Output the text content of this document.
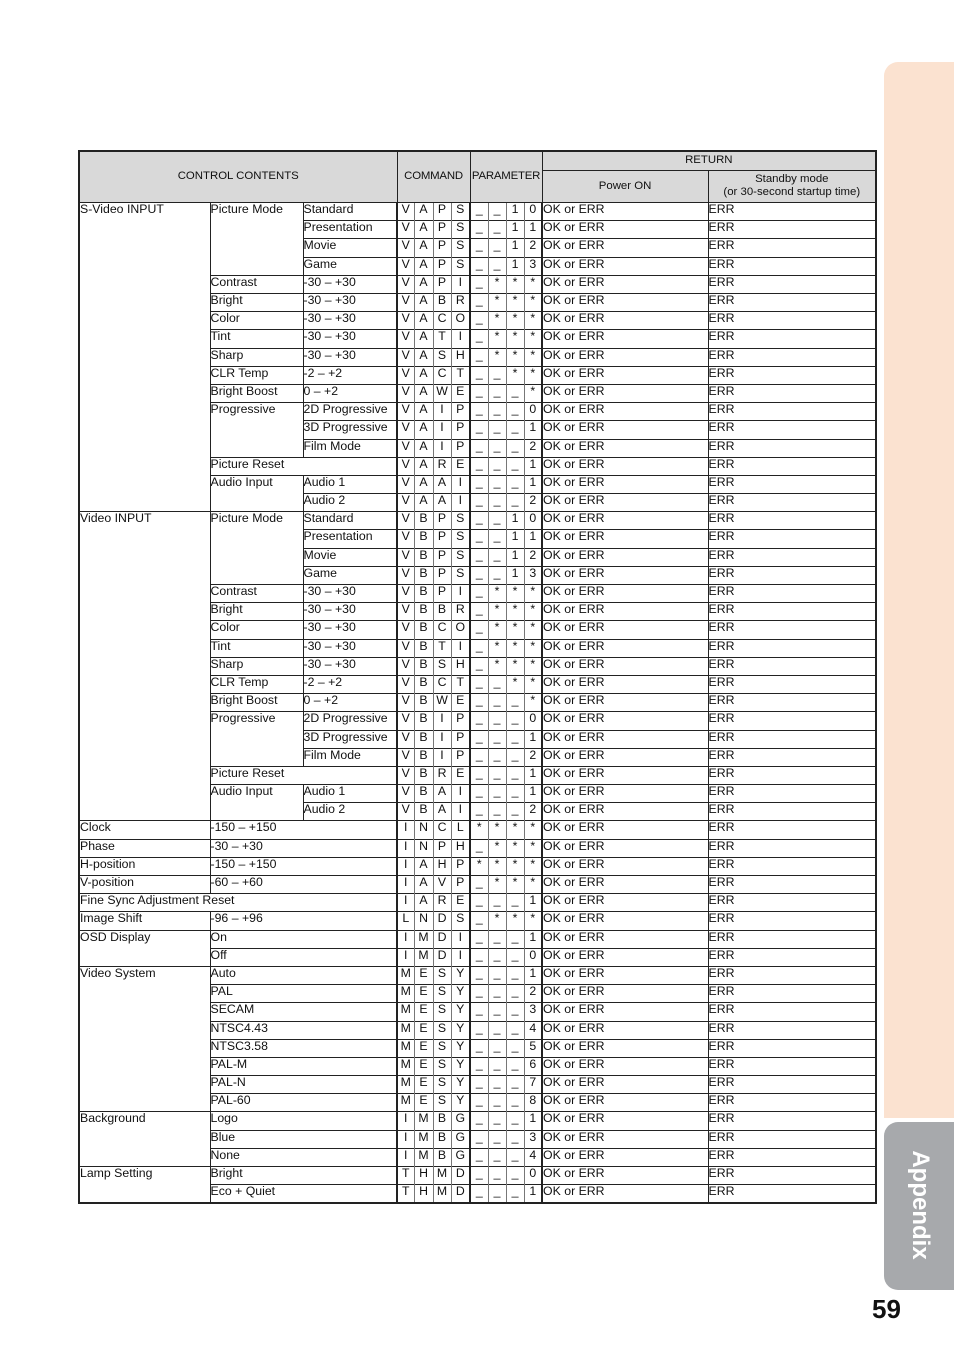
Appendix
CONTROL CONTENTS			COMMAND				PARAMETER				RETURN	
											Power ON	Standby mode
(or 30-second startup time)

S-Video INPUT	Picture Mode	Standard	V	A	P	S	_	_	1	0	OK or ERR	ERR
		Presentation	V	A	P	S	_	_	1	1	OK or ERR	ERR
		Movie	V	A	P	S	_	_	1	2	OK or ERR	ERR
		Game	V	A	P	S	_	_	1	3	OK or ERR	ERR
	Contrast	-30 – +30	V	A	P	I	_	*	*	*	OK or ERR	ERR
	Bright	-30 – +30	V	A	B	R	_	*	*	*	OK or ERR	ERR
	Color	-30 – +30	V	A	C	O	_	*	*	*	OK or ERR	ERR
	Tint	-30 – +30	V	A	T	I	_	*	*	*	OK or ERR	ERR
	Sharp	-30 – +30	V	A	S	H	_	*	*	*	OK or ERR	ERR
	CLR Temp	-2 – +2	V	A	C	T	_	_	*	*	OK or ERR	ERR
	Bright Boost	0 – +2	V	A	W	E	_	_	_	*	OK or ERR	ERR
	Progressive	2D Progressive	V	A	I	P	_	_	_	0	OK or ERR	ERR
		3D Progressive	V	A	I	P	_	_	_	1	OK or ERR	ERR
		Film Mode	V	A	I	P	_	_	_	2	OK or ERR	ERR
	Picture Reset		V	A	R	E	_	_	_	1	OK or ERR	ERR
	Audio Input	Audio 1	V	A	A	I	_	_	_	1	OK or ERR	ERR
		Audio 2	V	A	A	I	_	_	_	2	OK or ERR	ERR
Video INPUT	Picture Mode	Standard	V	B	P	S	_	_	1	0	OK or ERR	ERR
		Presentation	V	B	P	S	_	_	1	1	OK or ERR	ERR
		Movie	V	B	P	S	_	_	1	2	OK or ERR	ERR
		Game	V	B	P	S	_	_	1	3	OK or ERR	ERR
	Contrast	-30 – +30	V	B	P	I	_	*	*	*	OK or ERR	ERR
	Bright	-30 – +30	V	B	B	R	_	*	*	*	OK or ERR	ERR
	Color	-30 – +30	V	B	C	O	_	*	*	*	OK or ERR	ERR
	Tint	-30 – +30	V	B	T	I	_	*	*	*	OK or ERR	ERR
	Sharp	-30 – +30	V	B	S	H	_	*	*	*	OK or ERR	ERR
	CLR Temp	-2 – +2	V	B	C	T	_	_	*	*	OK or ERR	ERR
	Bright Boost	0 – +2	V	B	W	E	_	_	_	*	OK or ERR	ERR
	Progressive	2D Progressive	V	B	I	P	_	_	_	0	OK or ERR	ERR
		3D Progressive	V	B	I	P	_	_	_	1	OK or ERR	ERR
		Film Mode	V	B	I	P	_	_	_	2	OK or ERR	ERR
	Picture Reset		V	B	R	E	_	_	_	1	OK or ERR	ERR
	Audio Input	Audio 1	V	B	A	I	_	_	_	1	OK or ERR	ERR
		Audio 2	V	B	A	I	_	_	_	2	OK or ERR	ERR
Clock	-150 – +150		I	N	C	L	*	*	*	*	OK or ERR	ERR
Phase	-30 – +30		I	N	P	H	_	*	*	*	OK or ERR	ERR
H-position	-150 – +150		I	A	H	P	*	*	*	*	OK or ERR	ERR
V-position	-60 – +60		I	A	V	P	_	*	*	*	OK or ERR	ERR
Fine Sync Adjustment Reset			I	A	R	E	_	_	_	1	OK or ERR	ERR
Image Shift	-96 – +96		L	N	D	S	_	*	*	*	OK or ERR	ERR
OSD Display	On		I	M	D	I	_	_	_	1	OK or ERR	ERR
	Off		I	M	D	I	_	_	_	0	OK or ERR	ERR
Video System	Auto		M	E	S	Y	_	_	_	1	OK or ERR	ERR
	PAL		M	E	S	Y	_	_	_	2	OK or ERR	ERR
	SECAM		M	E	S	Y	_	_	_	3	OK or ERR	ERR
	NTSC4.43		M	E	S	Y	_	_	_	4	OK or ERR	ERR
	NTSC3.58		M	E	S	Y	_	_	_	5	OK or ERR	ERR
	PAL-M		M	E	S	Y	_	_	_	6	OK or ERR	ERR
	PAL-N		M	E	S	Y	_	_	_	7	OK or ERR	ERR
	PAL-60		M	E	S	Y	_	_	_	8	OK or ERR	ERR
Background	Logo		I	M	B	G	_	_	_	1	OK or ERR	ERR
	Blue		I	M	B	G	_	_	_	3	OK or ERR	ERR
	None		I	M	B	G	_	_	_	4	OK or ERR	ERR
Lamp Setting	Bright		T	H	M	D	_	_	_	0	OK or ERR	ERR
	Eco + Quiet		T	H	M	D	_	_	_	1	OK or ERR	ERR
59
